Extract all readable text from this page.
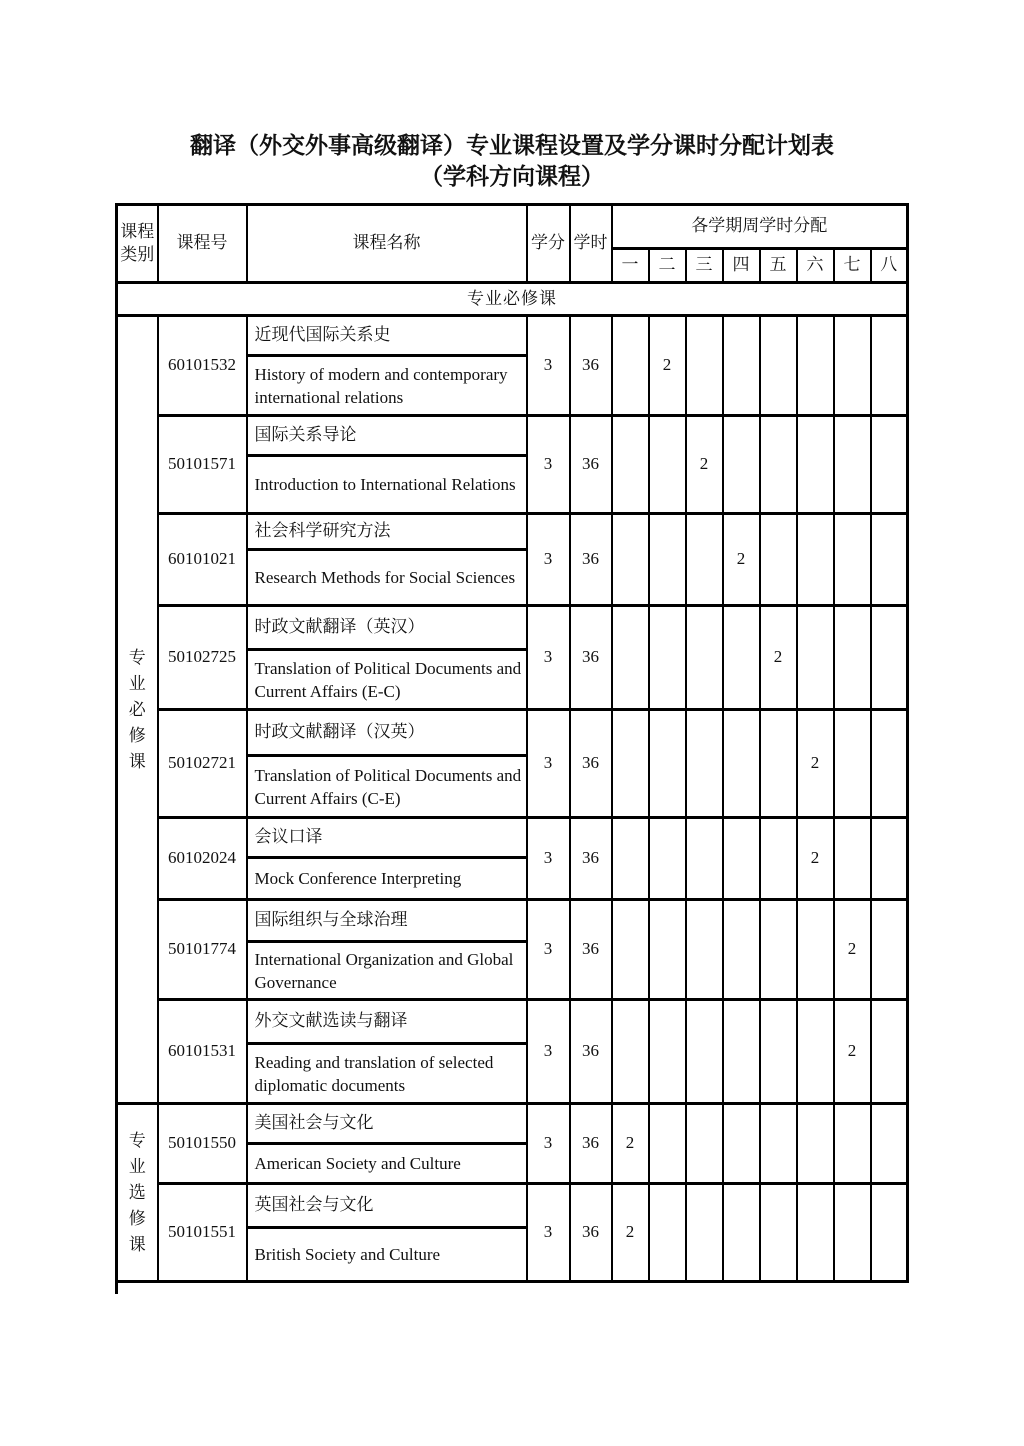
翻译（外交外事高级翻译）专业课程设置及学分课时分配计划表
（学科方向课程）
课程类别	课程号	课程名称	学分	学时	各学期周学时分配							
					一	二	三	四	五	六	七	八
专业必修课												

专业必修课	60101532	近现代国际关系史	3	36		2						
		History of modern and contemporary international relations										
	50101571	国际关系导论	3	36			2					
		Introduction to International Relations										
	60101021	社会科学研究方法	3	36				2				
		Research Methods for Social Sciences										
	50102725	时政文献翻译（英汉）	3	36					2			
		Translation of Political Documents and Current Affairs (E-C)										
	50102721	时政文献翻译（汉英）	3	36						2		
		Translation of Political Documents and Current Affairs (C-E)										
	60102024	会议口译	3	36						2		
		Mock Conference Interpreting										
	50101774	国际组织与全球治理	3	36							2	
		International Organization and Global Governance										
	60101531	外交文献选读与翻译	3	36							2	
		Reading and translation of selected diplomatic documents										

专业选修课	50101550	美国社会与文化	3	36	2							
		American Society and Culture										
	50101551	英国社会与文化	3	36	2							
		British Society and Culture										
